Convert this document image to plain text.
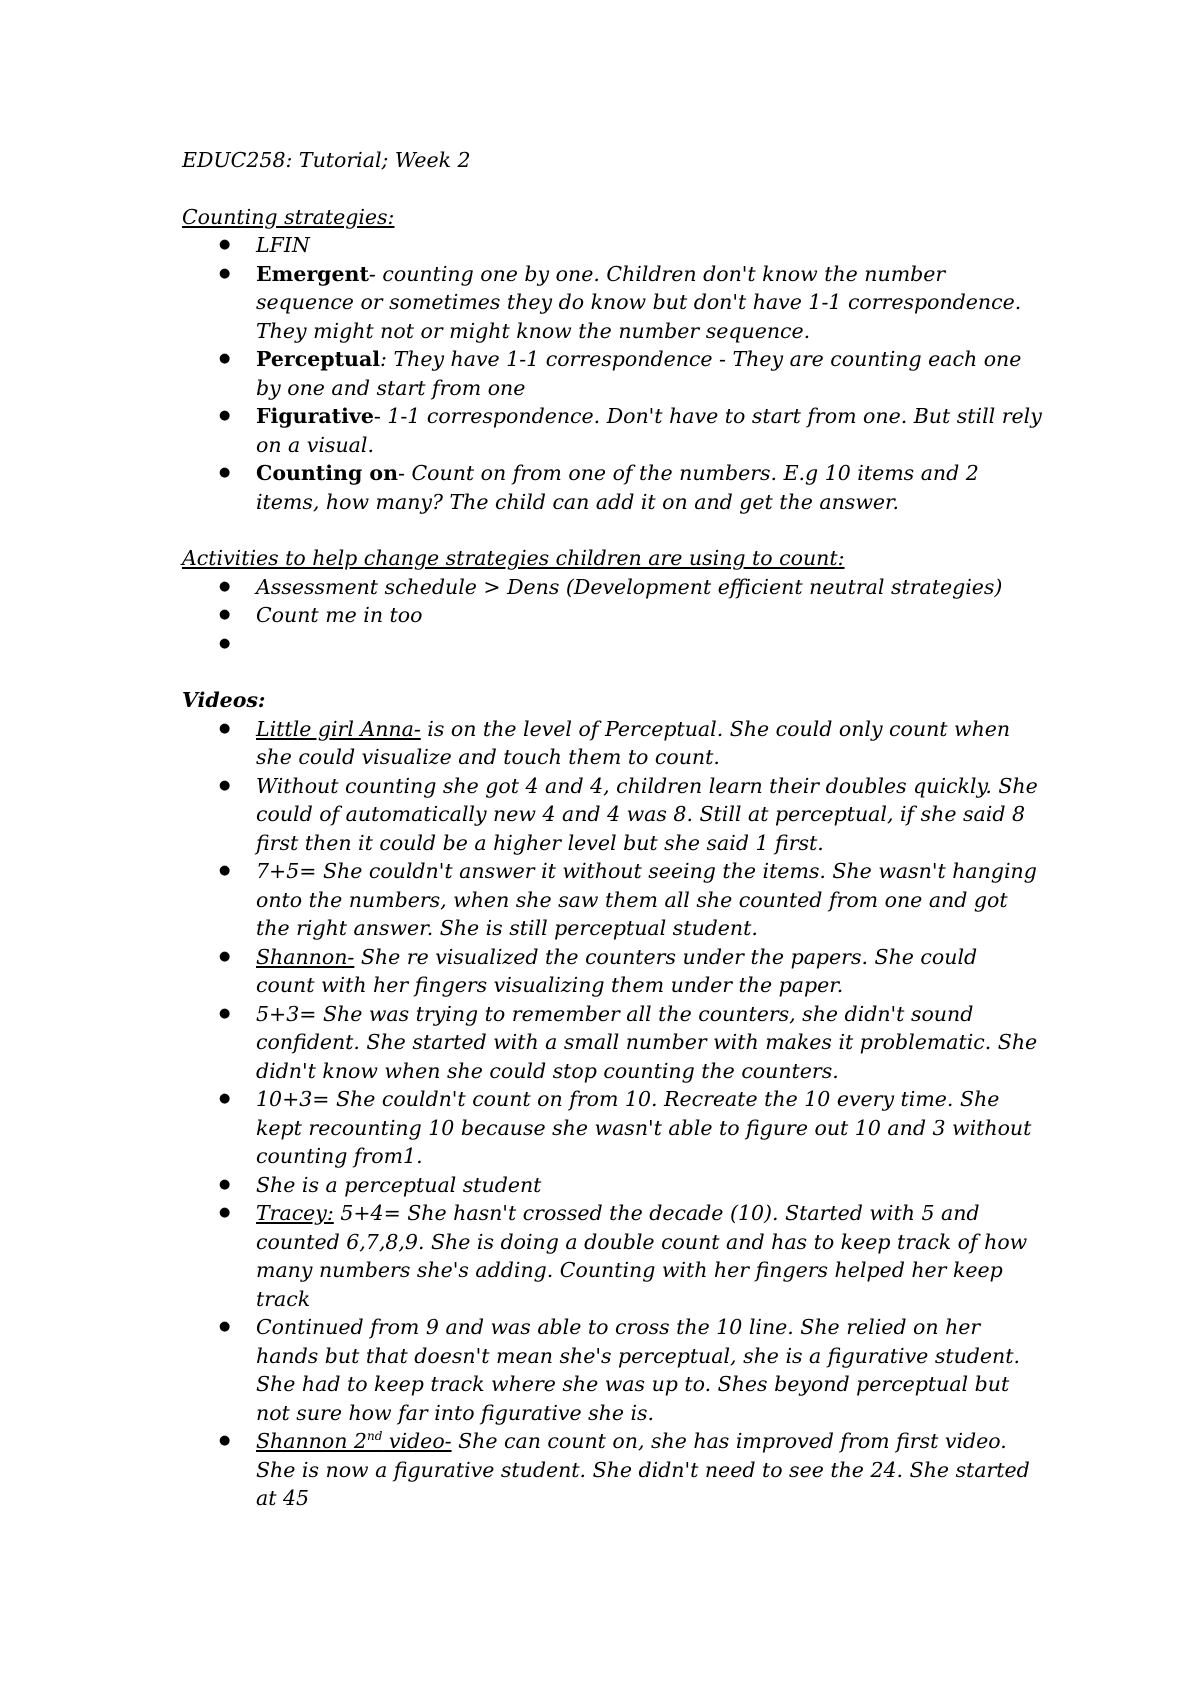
EDUC258: Tutorial; Week 2

Counting strategies:

● LFIN
● Emergent- counting one by one. Children don't know the number sequence or sometimes they do know but don't have 1-1 correspondence. They might not or might know the number sequence.
● Perceptual: They have 1-1 correspondence - They are counting each one by one and start from one
● Figurative- 1-1 correspondence. Don't have to start from one. But still rely on a visual.
● Counting on- Count on from one of the numbers. E.g 10 items and 2 items, how many? The child can add it on and get the answer.

Activities to help change strategies children are using to count:

● Assessment schedule > Dens (Development efficient neutral strategies)
● Count me in too
●

Videos:

● Little girl Anna- is on the level of Perceptual. She could only count when she could visualize and touch them to count.
● Without counting she got 4 and 4, children learn their doubles quickly. She could of automatically new 4 and 4 was 8. Still at perceptual, if she said 8 first then it could be a higher level but she said 1 first.
● 7+5= She couldn't answer it without seeing the items. She wasn't hanging onto the numbers, when she saw them all she counted from one and got the right answer. She is still perceptual student.
● Shannon- She re visualized the counters under the papers. She could count with her fingers visualizing them under the paper.
● 5+3= She was trying to remember all the counters, she didn't sound confident. She started with a small number with makes it problematic. She didn't know when she could stop counting the counters.
● 10+3= She couldn't count on from 10. Recreate the 10 every time. She kept recounting 10 because she wasn't able to figure out 10 and 3 without counting from1.
● She is a perceptual student
● Tracey: 5+4= She hasn't crossed the decade (10). Started with 5 and counted 6,7,8,9. She is doing a double count and has to keep track of how many numbers she's adding. Counting with her fingers helped her keep track
● Continued from 9 and was able to cross the 10 line. She relied on her hands but that doesn't mean she's perceptual, she is a figurative student. She had to keep track where she was up to. Shes beyond perceptual but not sure how far into figurative she is.
● Shannon 2nd video- She can count on, she has improved from first video. She is now a figurative student. She didn't need to see the 24. She started at 45
